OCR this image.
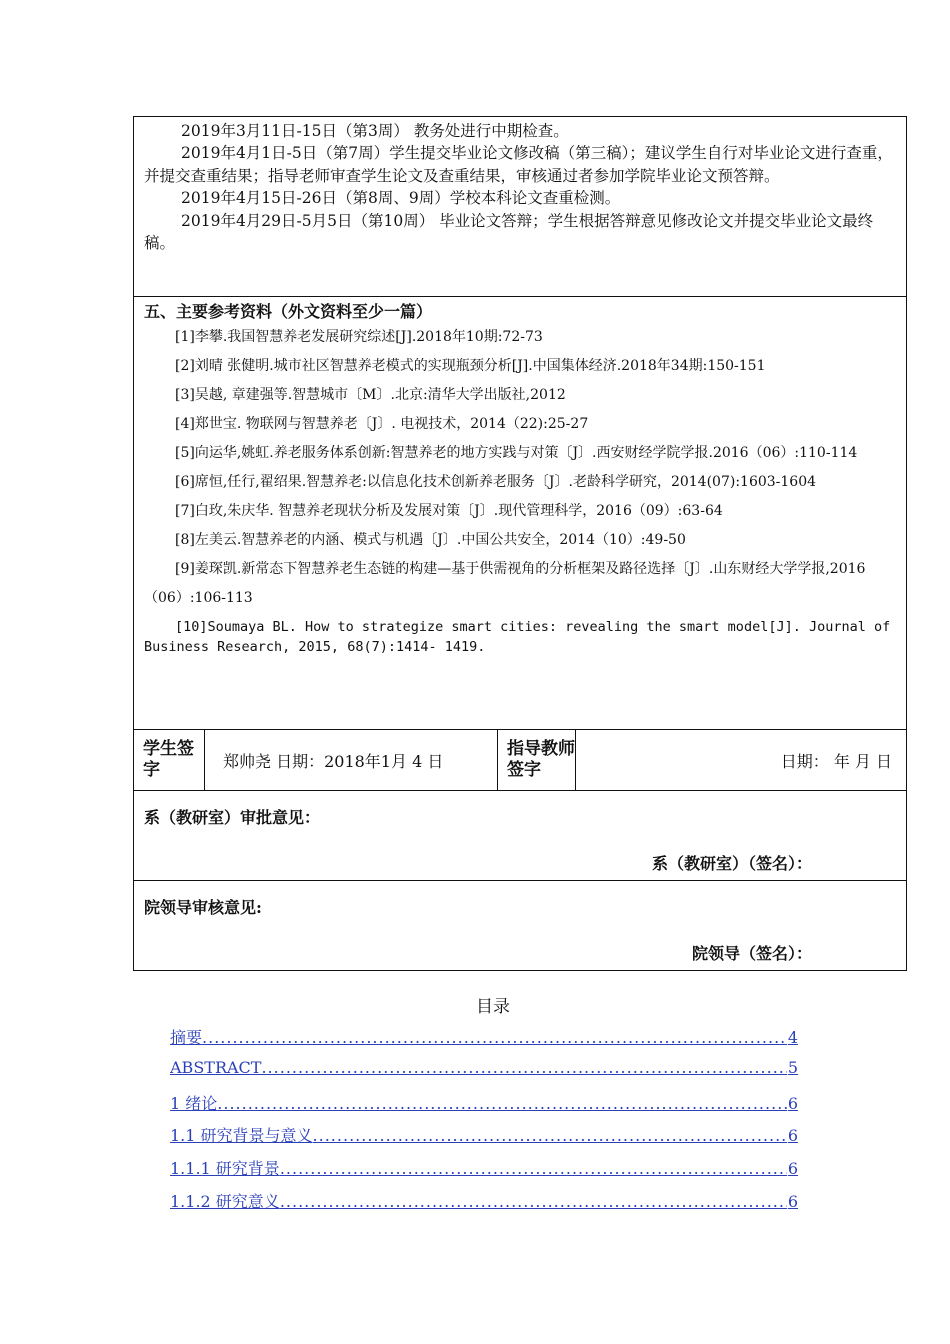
2019年3月11日-15日（第3周） 教务处进行中期检查。

2019年4月1日-5日（第7周）学生提交毕业论文修改稿（第三稿）；建议学生自行对毕业论文进行查重，并提交查重结果；指导老师审查学生论文及查重结果，审核通过者参加学院毕业论文预答辩。

2019年4月15日-26日（第8周、9周）学校本科论文查重检测。

2019年4月29日-5月5日（第10周） 毕业论文答辩；学生根据答辩意见修改论文并提交毕业论文最终稿。

五、主要参考资料（外文资料至少一篇）

[1]李攀.我国智慧养老发展研究综述[J].2018年10期:72-73

[2]刘晴 张健明.城市社区智慧养老模式的实现瓶颈分析[J].中国集体经济.2018年34期:150-151

[3]吴越, 章建强等.智慧城市〔M〕.北京:清华大学出版社,2012

[4]郑世宝. 物联网与智慧养老〔J〕. 电视技术，2014（22):25-27

[5]向运华,姚虹.养老服务体系创新:智慧养老的地方实践与对策〔J〕.西安财经学院学报.2016（06）:110-114

[6]席恒,任行,翟绍果.智慧养老:以信息化技术创新养老服务〔J〕.老龄科学研究，2014(07):1603-1604

[7]白玫,朱庆华. 智慧养老现状分析及发展对策〔J〕.现代管理科学，2016（09）:63-64

[8]左美云.智慧养老的内涵、模式与机遇〔J〕.中国公共安全，2014（10）:49-50

[9]姜琛凯.新常态下智慧养老生态链的构建—基于供需视角的分析框架及路径选择〔J〕.山东财经大学学报,2016（06）:106-113

[10]Soumaya BL. How to strategize smart cities: revealing the smart model[J]. Journal of Business Research, 2015, 68(7):1414- 1419.

学生签字	郑帅尧 日期：2018年1月 4 日	指导教师签字	日期： 年 月 日

系（教研室）审批意见：
系（教研室）（签名）：

院领导审核意见:
院领导（签名）：
目录
摘要 .....	4
ABSTRACT .....	5
1 绪论 .....	6
1.1 研究背景与意义 .....	6
1.1.1 研究背景 .....	6
1.1.2 研究意义 .....	6
